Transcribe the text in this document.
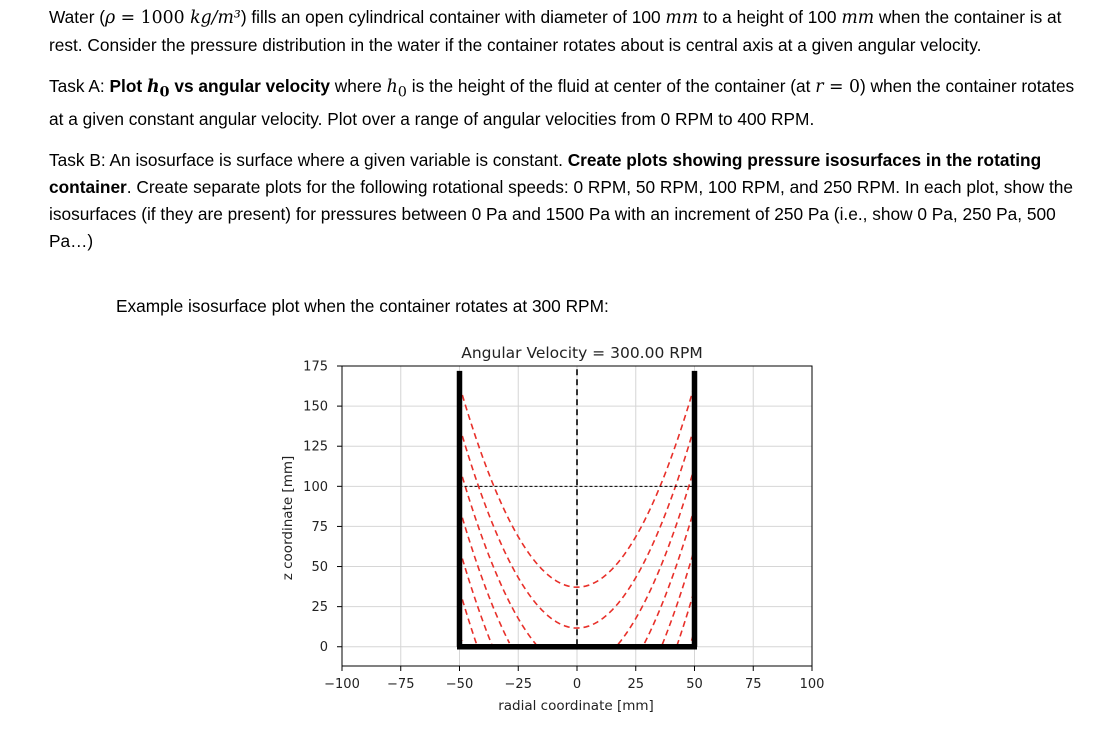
Water (ρ = 1000 kg/m³) fills an open cylindrical container with diameter of 100 mm to a height of 100 mm when the container is at rest. Consider the pressure distribution in the water if the container rotates about is central axis at a given angular velocity.

Task A: Plot $h_0$ vs angular velocity where $h_0$ is the height of the fluid at center of the container (at r = 0) when the container rotates at a given constant angular velocity. Plot over a range of angular velocities from 0 RPM to 400 RPM.

Task B: An isosurface is surface where a given variable is constant. Create plots showing pressure isosurfaces in the rotating container. Create separate plots for the following rotational speeds: 0 RPM, 50 RPM, 100 RPM, and 250 RPM. In each plot, show the isosurfaces (if they are present) for pressures between 0 Pa and 1500 Pa with an increment of 250 Pa (i.e., show 0 Pa, 250 Pa, 500 Pa…)

Example isosurface plot when the container rotates at 300 RPM:
−100 −75 −50 −25	0	25	50	75	100
0
25
50
75
100
125
150
175
Angular Velocity = 300.00 RPM
radial coordinate [mm]
z coordinate [mm]
